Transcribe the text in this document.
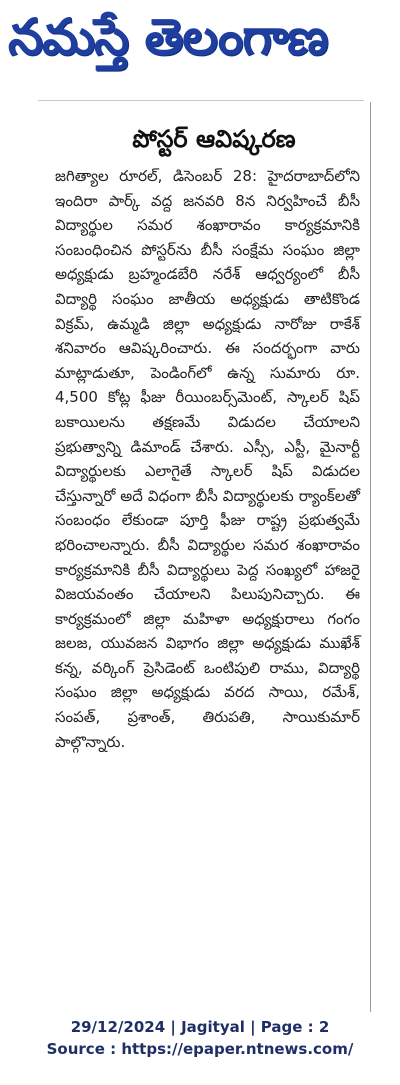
నమస్తే తెలంగాణ
పోస్టర్ ఆవిష్కరణ
జగిత్యాల రూరల్, డిసెంబర్ 28: హైదరాబాద్‌లోని ఇందిరా పార్క్ వద్ద జనవరి 8న నిర్వహించే బీసీ విద్యార్థుల సమర శంఖారావం కార్యక్రమానికి సంబంధించిన పోస్టర్‌ను బీసీ సంక్షేమ సంఘం జిల్లా అధ్యక్షుడు బ్రహ్మండబేరి నరేశ్ ఆధ్వర్యంలో బీసీ విద్యార్థి సంఘం జాతీయ అధ్యక్షుడు తాటికొండ విక్రమ్, ఉమ్మడి జిల్లా అధ్యక్షుడు నారోజు రాకేశ్ శనివారం ఆవిష్కరించారు. ఈ సందర్భంగా వారు మాట్లాడుతూ, పెండింగ్‌లో ఉన్న సుమారు రూ. 4,500 కోట్ల ఫీజు రీయింబర్స్‌మెంట్, స్కాలర్ షిప్ బకాయిలను తక్షణమే విడుదల చేయాలని ప్రభుత్వాన్ని డిమాండ్ చేశారు. ఎస్సీ, ఎస్టీ, మైనార్టీ విద్యార్థులకు ఎలాగైతే స్కాలర్ షిప్ విడుదల చేస్తున్నారో అదే విధంగా బీసీ విద్యార్థులకు ర్యాంక్‌లతో సంబంధం లేకుండా పూర్తి ఫీజు రాష్ట్ర ప్రభుత్వమే భరించాలన్నారు. బీసీ విద్యార్థుల సమర శంఖారావం కార్యక్రమానికి బీసీ విద్యార్థులు పెద్ద సంఖ్యలో హాజరై విజయవంతం చేయాలని పిలుపునిచ్చారు. ఈ కార్యక్రమంలో జిల్లా మహిళా అధ్యక్షురాలు గంగం జలజ, యువజన విభాగం జిల్లా అధ్యక్షుడు ముఖేశ్ కన్న, వర్కింగ్ ప్రెసిడెంట్ ఒంటిపులి రాము, విద్యార్థి సంఘం జిల్లా అధ్యక్షుడు వరద సాయి, రమేశ్, సంపత్, ప్రశాంత్, తిరుపతి, సాయికుమార్ పాల్గొన్నారు.
29/12/2024 | Jagityal | Page : 2
Source : https://epaper.ntnews.com/
